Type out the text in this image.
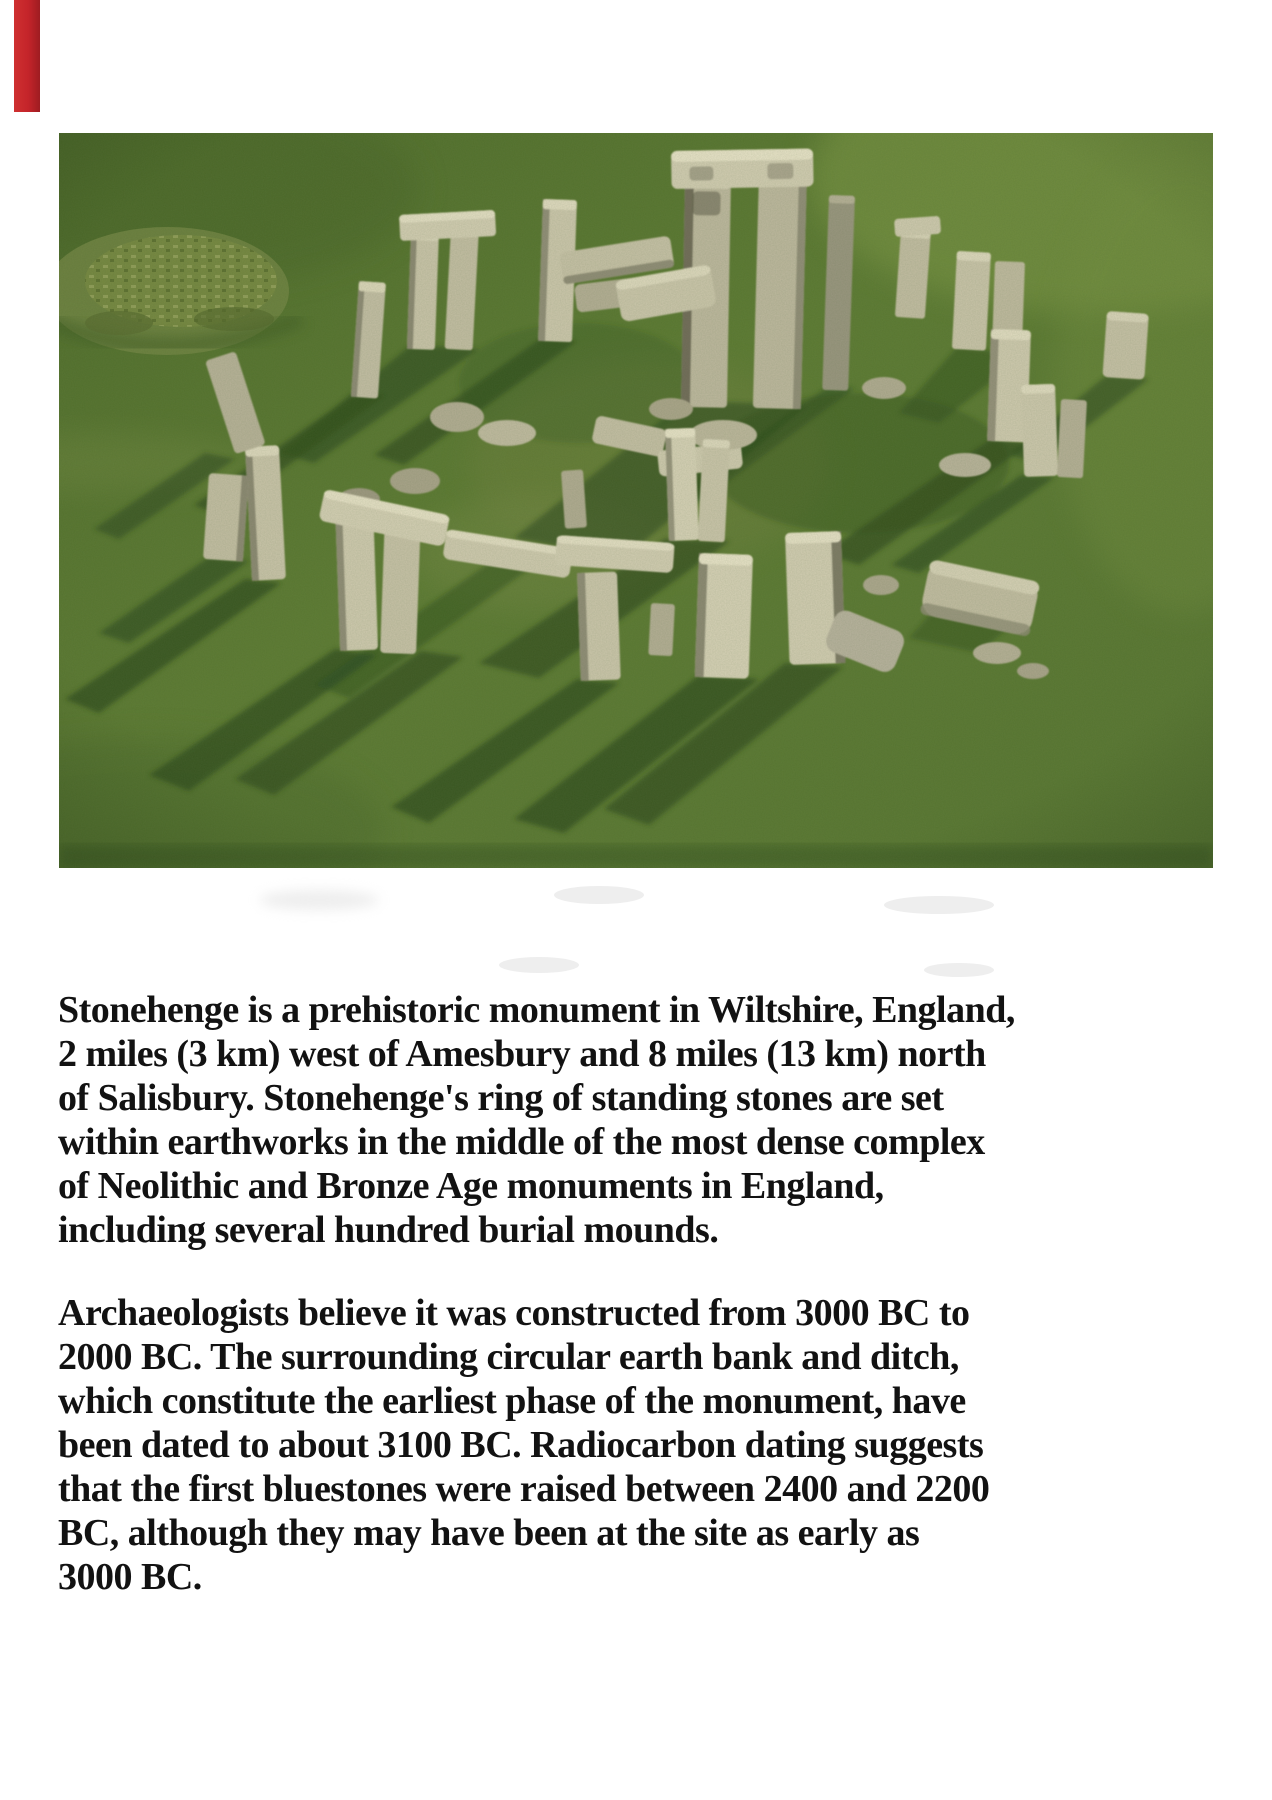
Stonehenge is a prehistoric monument in Wiltshire, England,
2 miles (3 km) west of Amesbury and 8 miles (13 km) north
of Salisbury. Stonehenge's ring of standing stones are set
within earthworks in the middle of the most dense complex
of Neolithic and Bronze Age monuments in England,
including several hundred burial mounds.
Archaeologists believe it was constructed from 3000 BC to
2000 BC. The surrounding circular earth bank and ditch,
which constitute the earliest phase of the monument, have
been dated to about 3100 BC. Radiocarbon dating suggests
that the first bluestones were raised between 2400 and 2200
BC, although they may have been at the site as early as
3000 BC.
